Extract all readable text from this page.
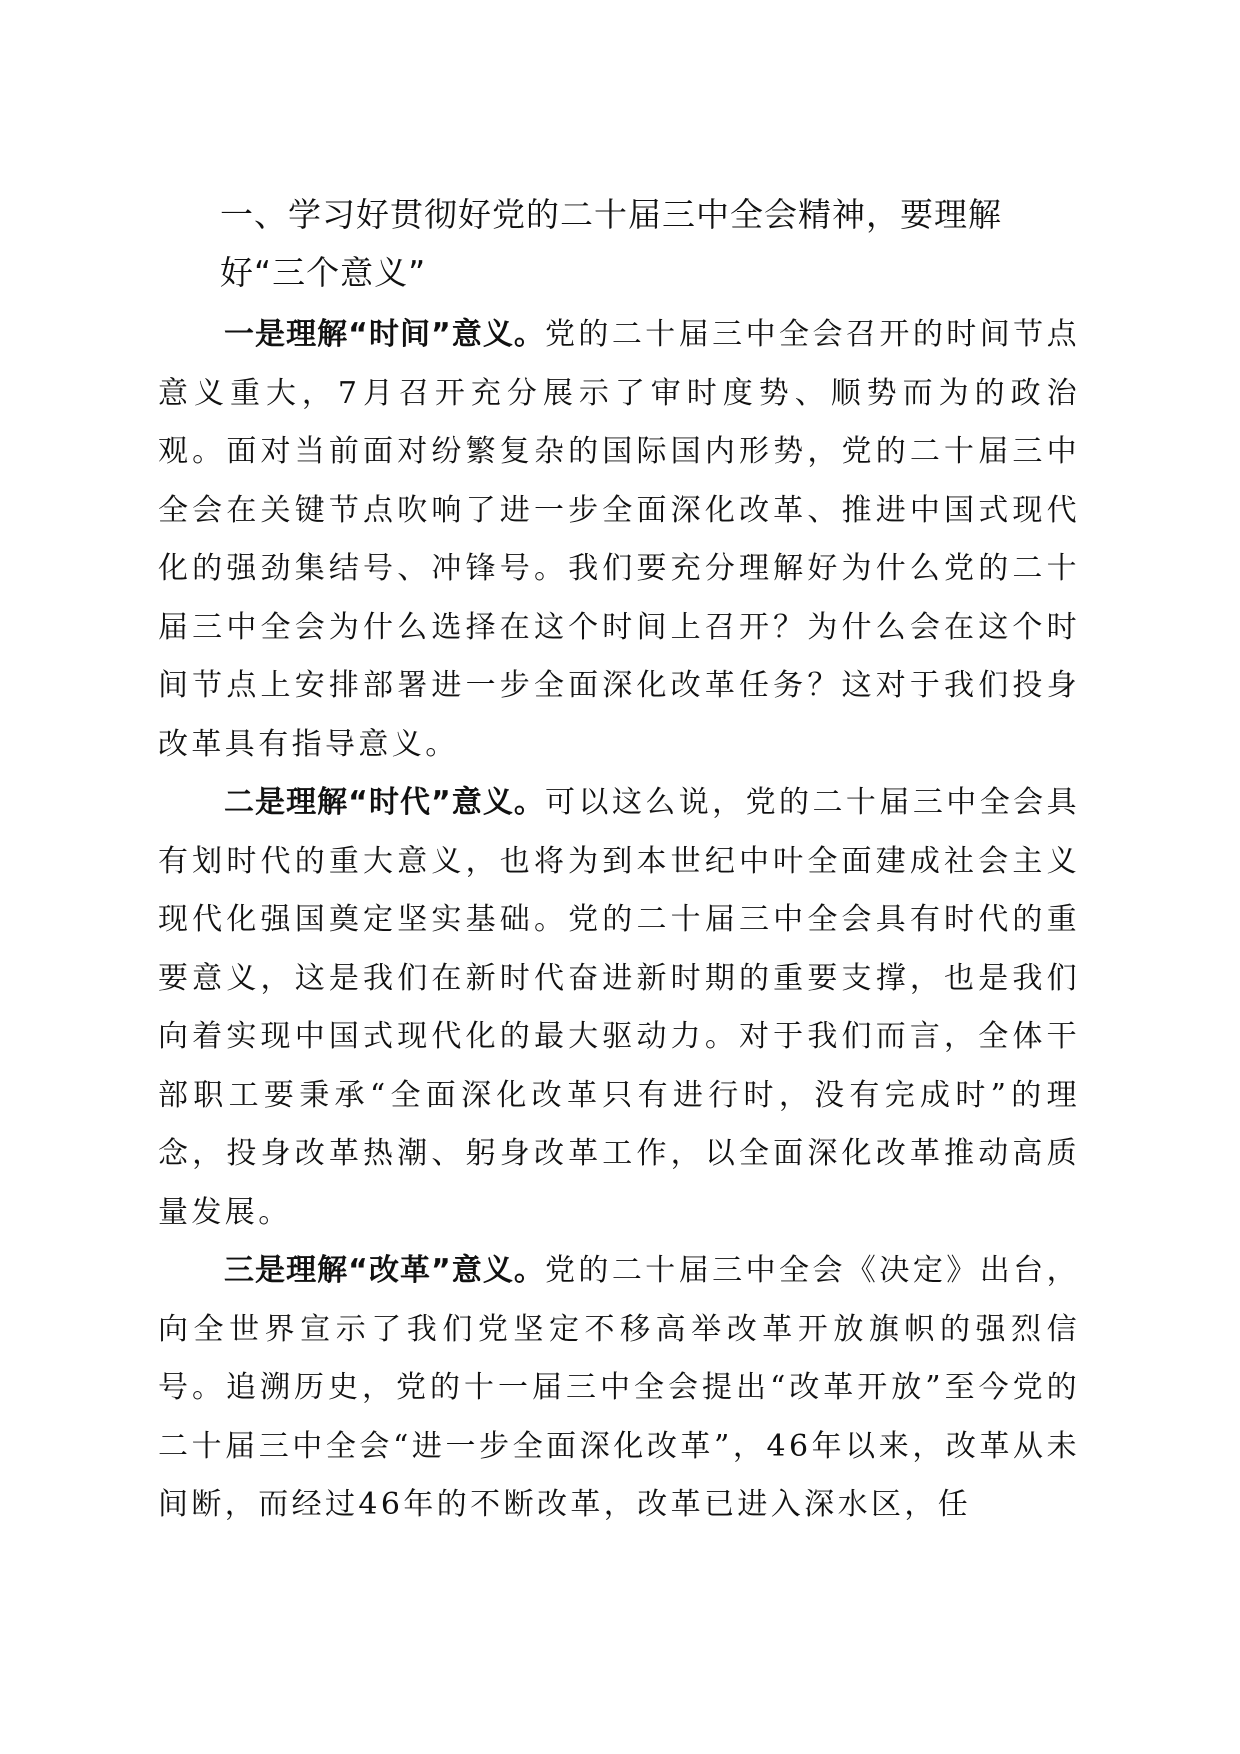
一、学习好贯彻好党的二十届三中全会精神，要理解好“三个意义”

一是理解“时间”意义。党的二十届三中全会召开的时间节点意义重大，7月召开充分展示了审时度势、顺势而为的政治观。面对当前面对纷繁复杂的国际国内形势，党的二十届三中全会在关键节点吹响了进一步全面深化改革、推进中国式现代化的强劲集结号、冲锋号。我们要充分理解好为什么党的二十届三中全会为什么选择在这个时间上召开？为什么会在这个时间节点上安排部署进一步全面深化改革任务？这对于我们投身改革具有指导意义。

二是理解“时代”意义。可以这么说，党的二十届三中全会具有划时代的重大意义，也将为到本世纪中叶全面建成社会主义现代化强国奠定坚实基础。党的二十届三中全会具有时代的重要意义，这是我们在新时代奋进新时期的重要支撑，也是我们向着实现中国式现代化的最大驱动力。对于我们而言，全体干部职工要秉承“全面深化改革只有进行时，没有完成时”的理念，投身改革热潮、躬身改革工作，以全面深化改革推动高质量发展。

三是理解“改革”意义。党的二十届三中全会《决定》出台，向全世界宣示了我们党坚定不移高举改革开放旗帜的强烈信号。追溯历史，党的十一届三中全会提出“改革开放”至今党的二十届三中全会“进一步全面深化改革”，46年以来，改革从未间断，而经过46年的不断改革，改革已进入深水区，任
